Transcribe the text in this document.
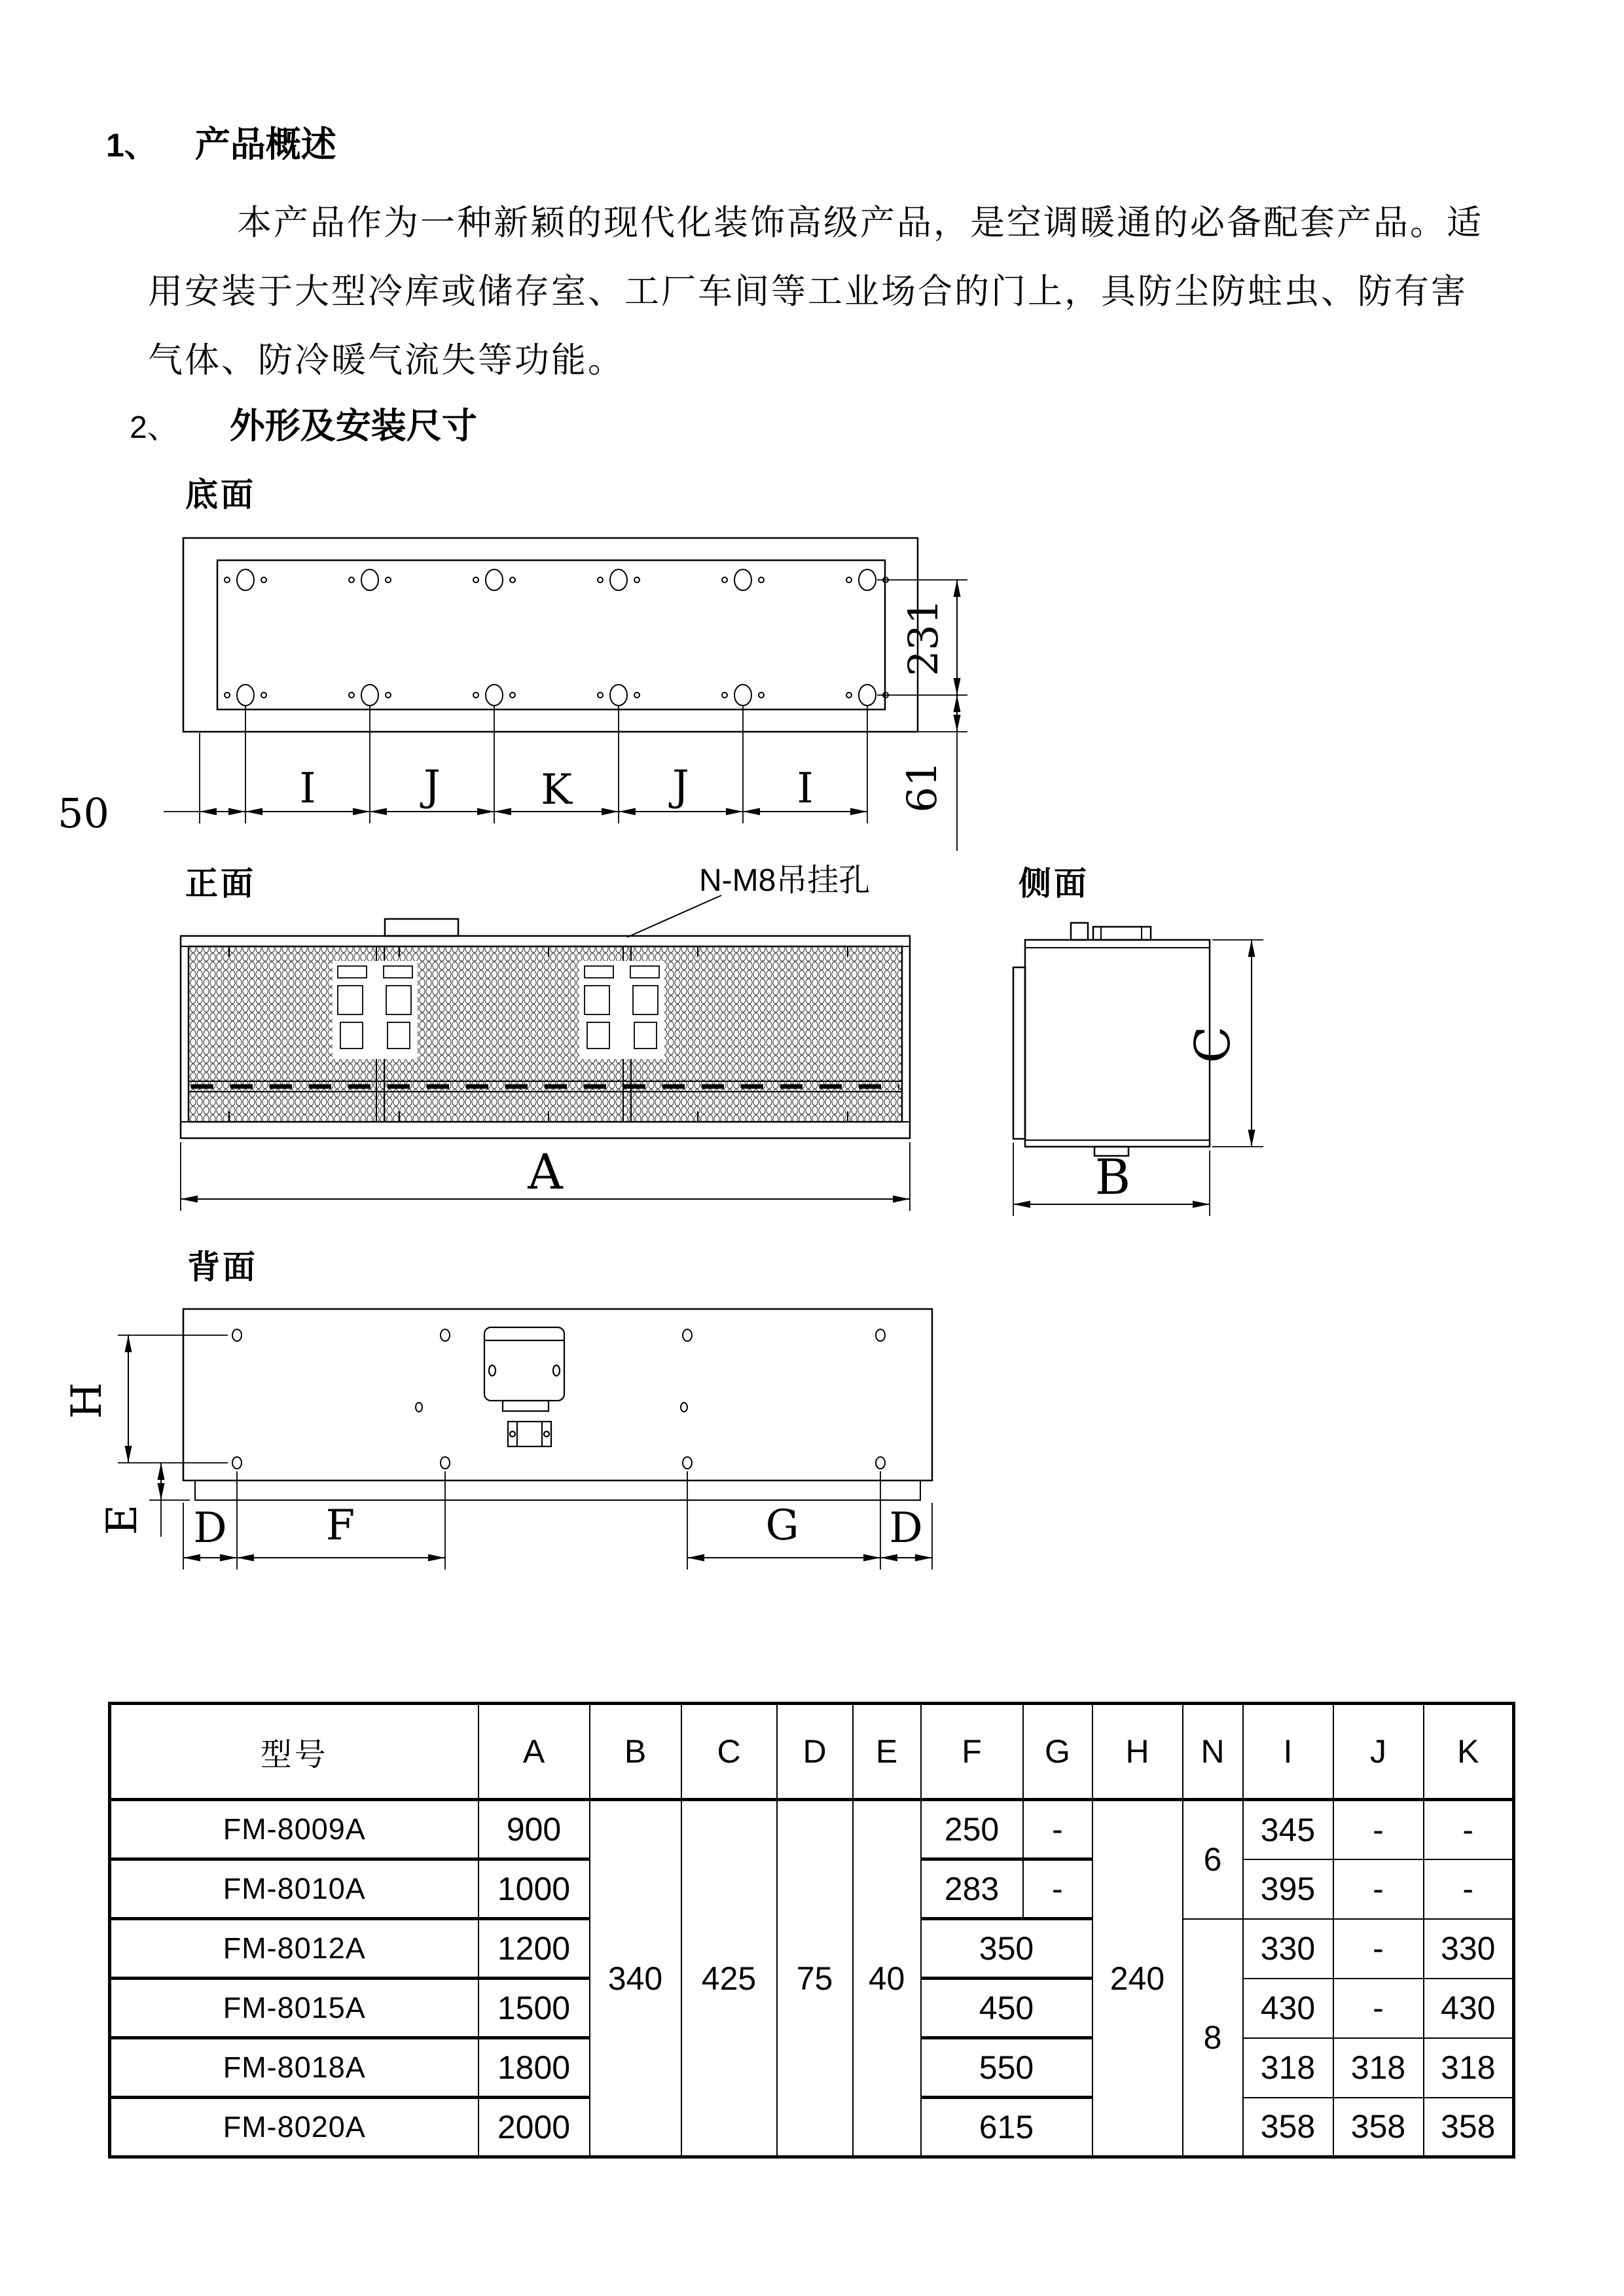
1、 产品概述
本产品作为一种新颖的现代化装饰高级产品，是空调暖通的必备配套产品。适
用安装于大型冷库或储存室、工厂车间等工业场合的门上，具防尘防蛀虫、防有害
气体、防冷暖气流失等功能。
2、 外形及安装尺寸
底面
正面	N-M8吊挂孔	侧面
背面
50
231
61
I	J K J	I
A
C
B
H
E D F	G D
型号	A	B	C	D	E	F	G	H	N	I	J	K
FM-8009A	900	340	425	75	40	250	-	240	6	345	-	-
FM-8010A	1000					283	-			395	-	-
FM-8012A	1200					350			8	330	-	330
FM-8015A	1500					450				430	-	430
FM-8018A	1800					550				318	318	318
FM-8020A	2000					615				358	358	358
